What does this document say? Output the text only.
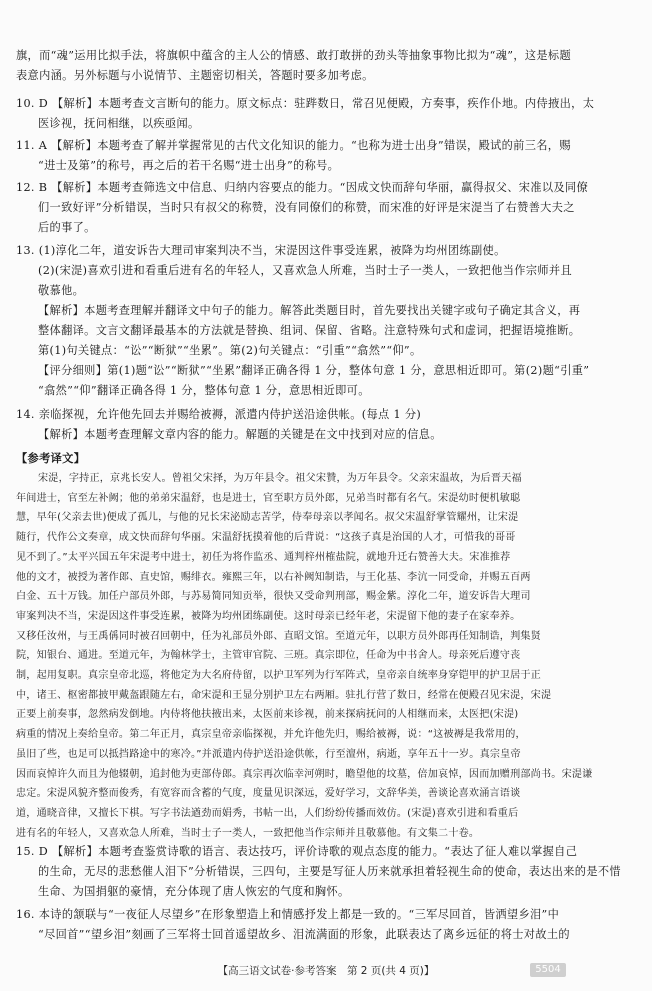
旗，而“魂”运用比拟手法，将旗帜中蕴含的主人公的情感、敢打敢拼的劲头等抽象事物比拟为“魂”，这是标题
表意内涵。另外标题与小说情节、主题密切相关，答题时要多加考虑。
10. D 【解析】本题考查文言断句的能力。原文标点：驻跸数日，常召见便殿，方奏事，疾作仆地。内侍掖出，太
医诊视，抚问相继，以疾亟闻。
11. A 【解析】本题考查了解并掌握常见的古代文化知识的能力。“也称为进士出身”错误，殿试的前三名，赐
“进士及第”的称号，再之后的若干名赐“进士出身”的称号。
12. B 【解析】本题考查筛选文中信息、归纳内容要点的能力。“因成文快而辞句华丽，赢得叔父、宋准以及同僚
们一致好评”分析错误，当时只有叔父的称赞，没有同僚们的称赞，而宋准的好评是宋湜当了右赞善大夫之
后的事了。
13. (1)淳化二年，道安诉告大理司审案判决不当，宋湜因这件事受连累，被降为均州团练副使。
(2)(宋湜)喜欢引进和看重后进有名的年轻人，又喜欢急人所难，当时士子一类人，一致把他当作宗师并且
敬慕他。
【解析】本题考查理解并翻译文中句子的能力。解答此类题目时，首先要找出关键字或句子确定其含义，再
整体翻译。文言文翻译最基本的方法就是替换、组词、保留、省略。注意特殊句式和虚词，把握语境推断。
第(1)句关键点：“讼”“断狱”“坐累”。第(2)句关键点：“引重”“翕然”“仰”。
【评分细则】第(1)题“讼”“断狱”“坐累”翻译正确各得 1 分，整体句意 1 分，意思相近即可。第(2)题“引重”
“翕然”“仰”翻译正确各得 1 分，整体句意 1 分，意思相近即可。
14. 亲临探视，允许他先回去并赐给被褥，派遣内侍护送沿途供帐。(每点 1 分)
【解析】本题考查理解文章内容的能力。解题的关键是在文中找到对应的信息。
【参考译文】
宋湜，字持正，京兆长安人。曾祖父宋择，为万年县令。祖父宋贊，为万年县令。父亲宋温故，为后晋天福
年间进士，官至左补阙；他的弟弟宋温舒，也是进士，官至职方员外郎，兄弟当时都有名气。宋湜幼时便机敏聪
慧，早年(父亲去世)便成了孤儿，与他的兄长宋泌励志苦学，侍奉母亲以孝闻名。叔父宋温舒掌管耀州，让宋湜
随行，代作公文奏章，成文快而辞句华丽。宋温舒抚摸着他的后背说：“这孩子真是治国的人才，可惜我的哥哥
见不到了。”太平兴国五年宋湜考中进士，初任为将作监丞、通判梓州榷盐院，就地升迁右赞善大夫。宋准推荐
他的文才，被授为著作郎、直史馆，赐绯衣。雍熙三年，以右补阙知制诰，与王化基、李沆一同受命，并赐五百两
白金、五十万钱。加任户部员外郎，与苏易简同知贡举，很快又受命判刑部，赐金紫。淳化二年，道安诉告大理司
审案判决不当，宋湜因这件事受连累，被降为均州团练副使。这时母亲已经年老，宋湜留下他的妻子在家奉养。
又移任汝州，与王禹偁同时被召回朝中，任为礼部员外郎、直昭文馆。至道元年，以职方员外郎再任知制诰，判集贤
院，知银台、通进。至道元年，为翰林学士，主管审官院、三班。真宗即位，任命为中书舍人。母亲死后遵守丧
制，起用复职。真宗皇帝北巡，将他定为大名府侍留，以护卫军列为行军阵式，皇帝亲自统率身穿铠甲的护卫居于正
中，诸王、枢密都披甲戴盔跟随左右，命宋湜和王显分别护卫左右两厢。驻扎行营了数日，经常在便殿召见宋湜，宋湜
正要上前奏事，忽然病发倒地。内侍将他扶掖出来，太医前来诊视，前来探病抚问的人相继而来，太医把(宋湜)
病重的情况上奏给皇帝。第二年正月，真宗皇帝亲临探视，并允许他先归，赐给被褥，说：“这被褥是我常用的，
虽旧了些，也足可以抵挡路途中的寒冷。”并派遣内侍护送沿途供帐，行至澶州，病逝，享年五十一岁。真宗皇帝
因而哀悼许久而且为他辍朝，追封他为吏部侍郎。真宗再次临幸河朔时，瞻望他的坟墓，倍加哀悼，因而加赠刑部尚书。宋湜谦
忠定。宋湜风貌齐整而俊秀，有宽容而含蓄的气度，度量见识深远，爱好学习，文辞华美，善谈论喜欢涌言语谈
道，通晓音律，又擅长下棋。写字书法遒劲而娟秀，书帖一出，人们纷纷传播而效仿。(宋湜)喜欢引进和看重后
进有名的年轻人，又喜欢急人所难，当时士子一类人，一致把他当作宗师并且敬慕他。有文集二十卷。
15. D 【解析】本题考查鉴赏诗歌的语言、表达技巧，评价诗歌的观点态度的能力。“表达了征人难以掌握自己
的生命，无尽的悲愁催人泪下”分析错误，三四句，主要是写征人历来就承担着轻视生命的使命，表达出来的是不惜
生命、为国捐躯的豪情，充分体现了唐人恢宏的气度和胸怀。
16. 本诗的颔联与“一夜征人尽望乡”在形象塑造上和情感抒发上都是一致的。“三军尽回首，皆洒望乡泪”中
“尽回首”“望乡泪”刻画了三军将士回首遥望故乡、泪流满面的形象，此联表达了离乡远征的将士对故土的
【高三语文试卷·参考答案　第 2 页(共 4 页)】	5504
